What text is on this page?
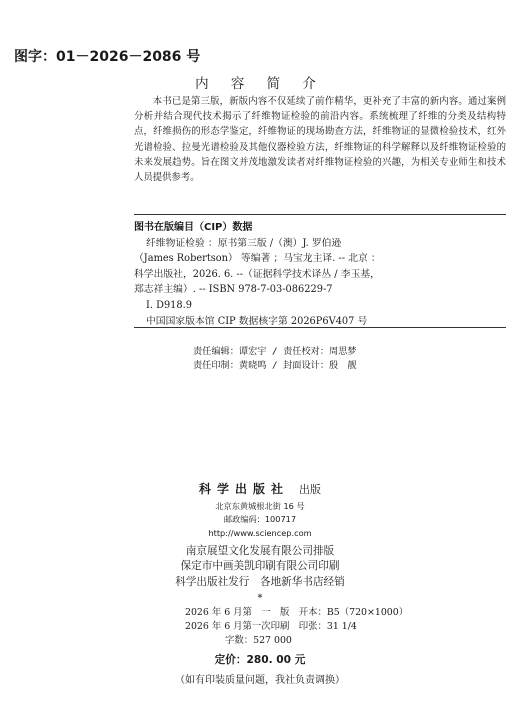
图字：01－2026－2086 号
内 容 简 介

本书已是第三版，新版内容不仅延续了前作精华，更补充了丰富的新内容。通过案例分析并结合现代技术揭示了纤维物证检验的前沿内容。系统梳理了纤维的分类及结构特点，纤维损伤的形态学鉴定，纤维物证的现场勘查方法，纤维物证的显微检验技术，红外光谱检验、拉曼光谱检验及其他仪器检验方法，纤维物证的科学解释以及纤维物证检验的未来发展趋势。旨在图文并茂地激发读者对纤维物证检验的兴趣，为相关专业师生和技术人员提供参考。

图书在版编目（CIP）数据
纤维物证检验 ：原书第三版 /（澳）J. 罗伯逊
（James Robertson） 等编著 ；马宝龙主译. -- 北京 ：
科学出版社，2026. 6. --（证据科学技术译丛 / 李玉基，
郑志祥主编）. -- ISBN 978-7-03-086229-7
Ⅰ. D918.9
中国国家版本馆 CIP 数据核字第 2026P6V407 号
责任编辑：谭宏宇 / 责任校对：周思梦
责任印制：黄晓鸣 / 封面设计：殷　靓
科学出版社 出版
北京东黄城根北街 16 号
邮政编码：100717
http://www.sciencep.com
南京展望文化发展有限公司排版
保定市中画美凯印刷有限公司印刷
科学出版社发行　各地新华书店经销
*
2026 年 6 月第　一　版　开本：B5（720×1000）
2026 年 6 月第一次印刷　印张：31 1/4
字数：527 000
定价：280. 00 元
（如有印装质量问题，我社负责调换）
